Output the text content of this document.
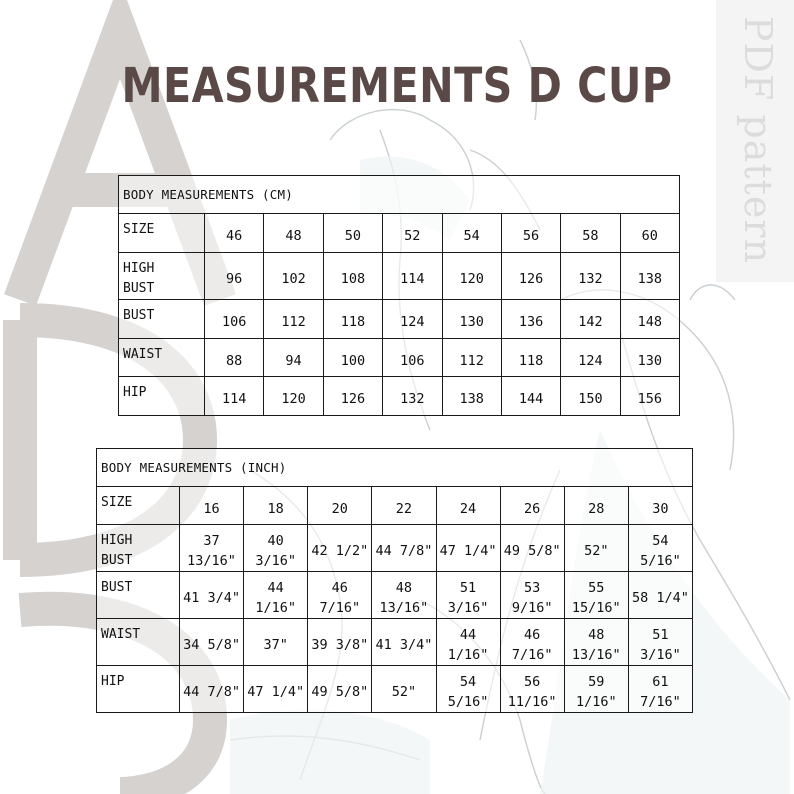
PDF pattern
MEASUREMENTS D CUP
BODY MEASUREMENTS (CM)								
SIZE	46	48	50	52	54	56	58	60
HIGH BUST	96	102	108	114	120	126	132	138
BUST	106	112	118	124	130	136	142	148
WAIST	88	94	100	106	112	118	124	130
HIP	114	120	126	132	138	144	150	156
BODY MEASUREMENTS (INCH)								
SIZE	16	18	20	22	24	26	28	30
HIGH BUST	37 13/16"	40 3/16"	42 1/2"	44 7/8"	47 1/4"	49 5/8"	52"	54 5/16"
BUST	41 3/4"	44 1/16"	46 7/16"	48 13/16"	51 3/16"	53 9/16"	55 15/16"	58 1/4"
WAIST	34 5/8"	37"	39 3/8"	41 3/4"	44 1/16"	46 7/16"	48 13/16"	51 3/16"
HIP	44 7/8"	47 1/4"	49 5/8"	52"	54 5/16"	56 11/16"	59 1/16"	61 7/16"
